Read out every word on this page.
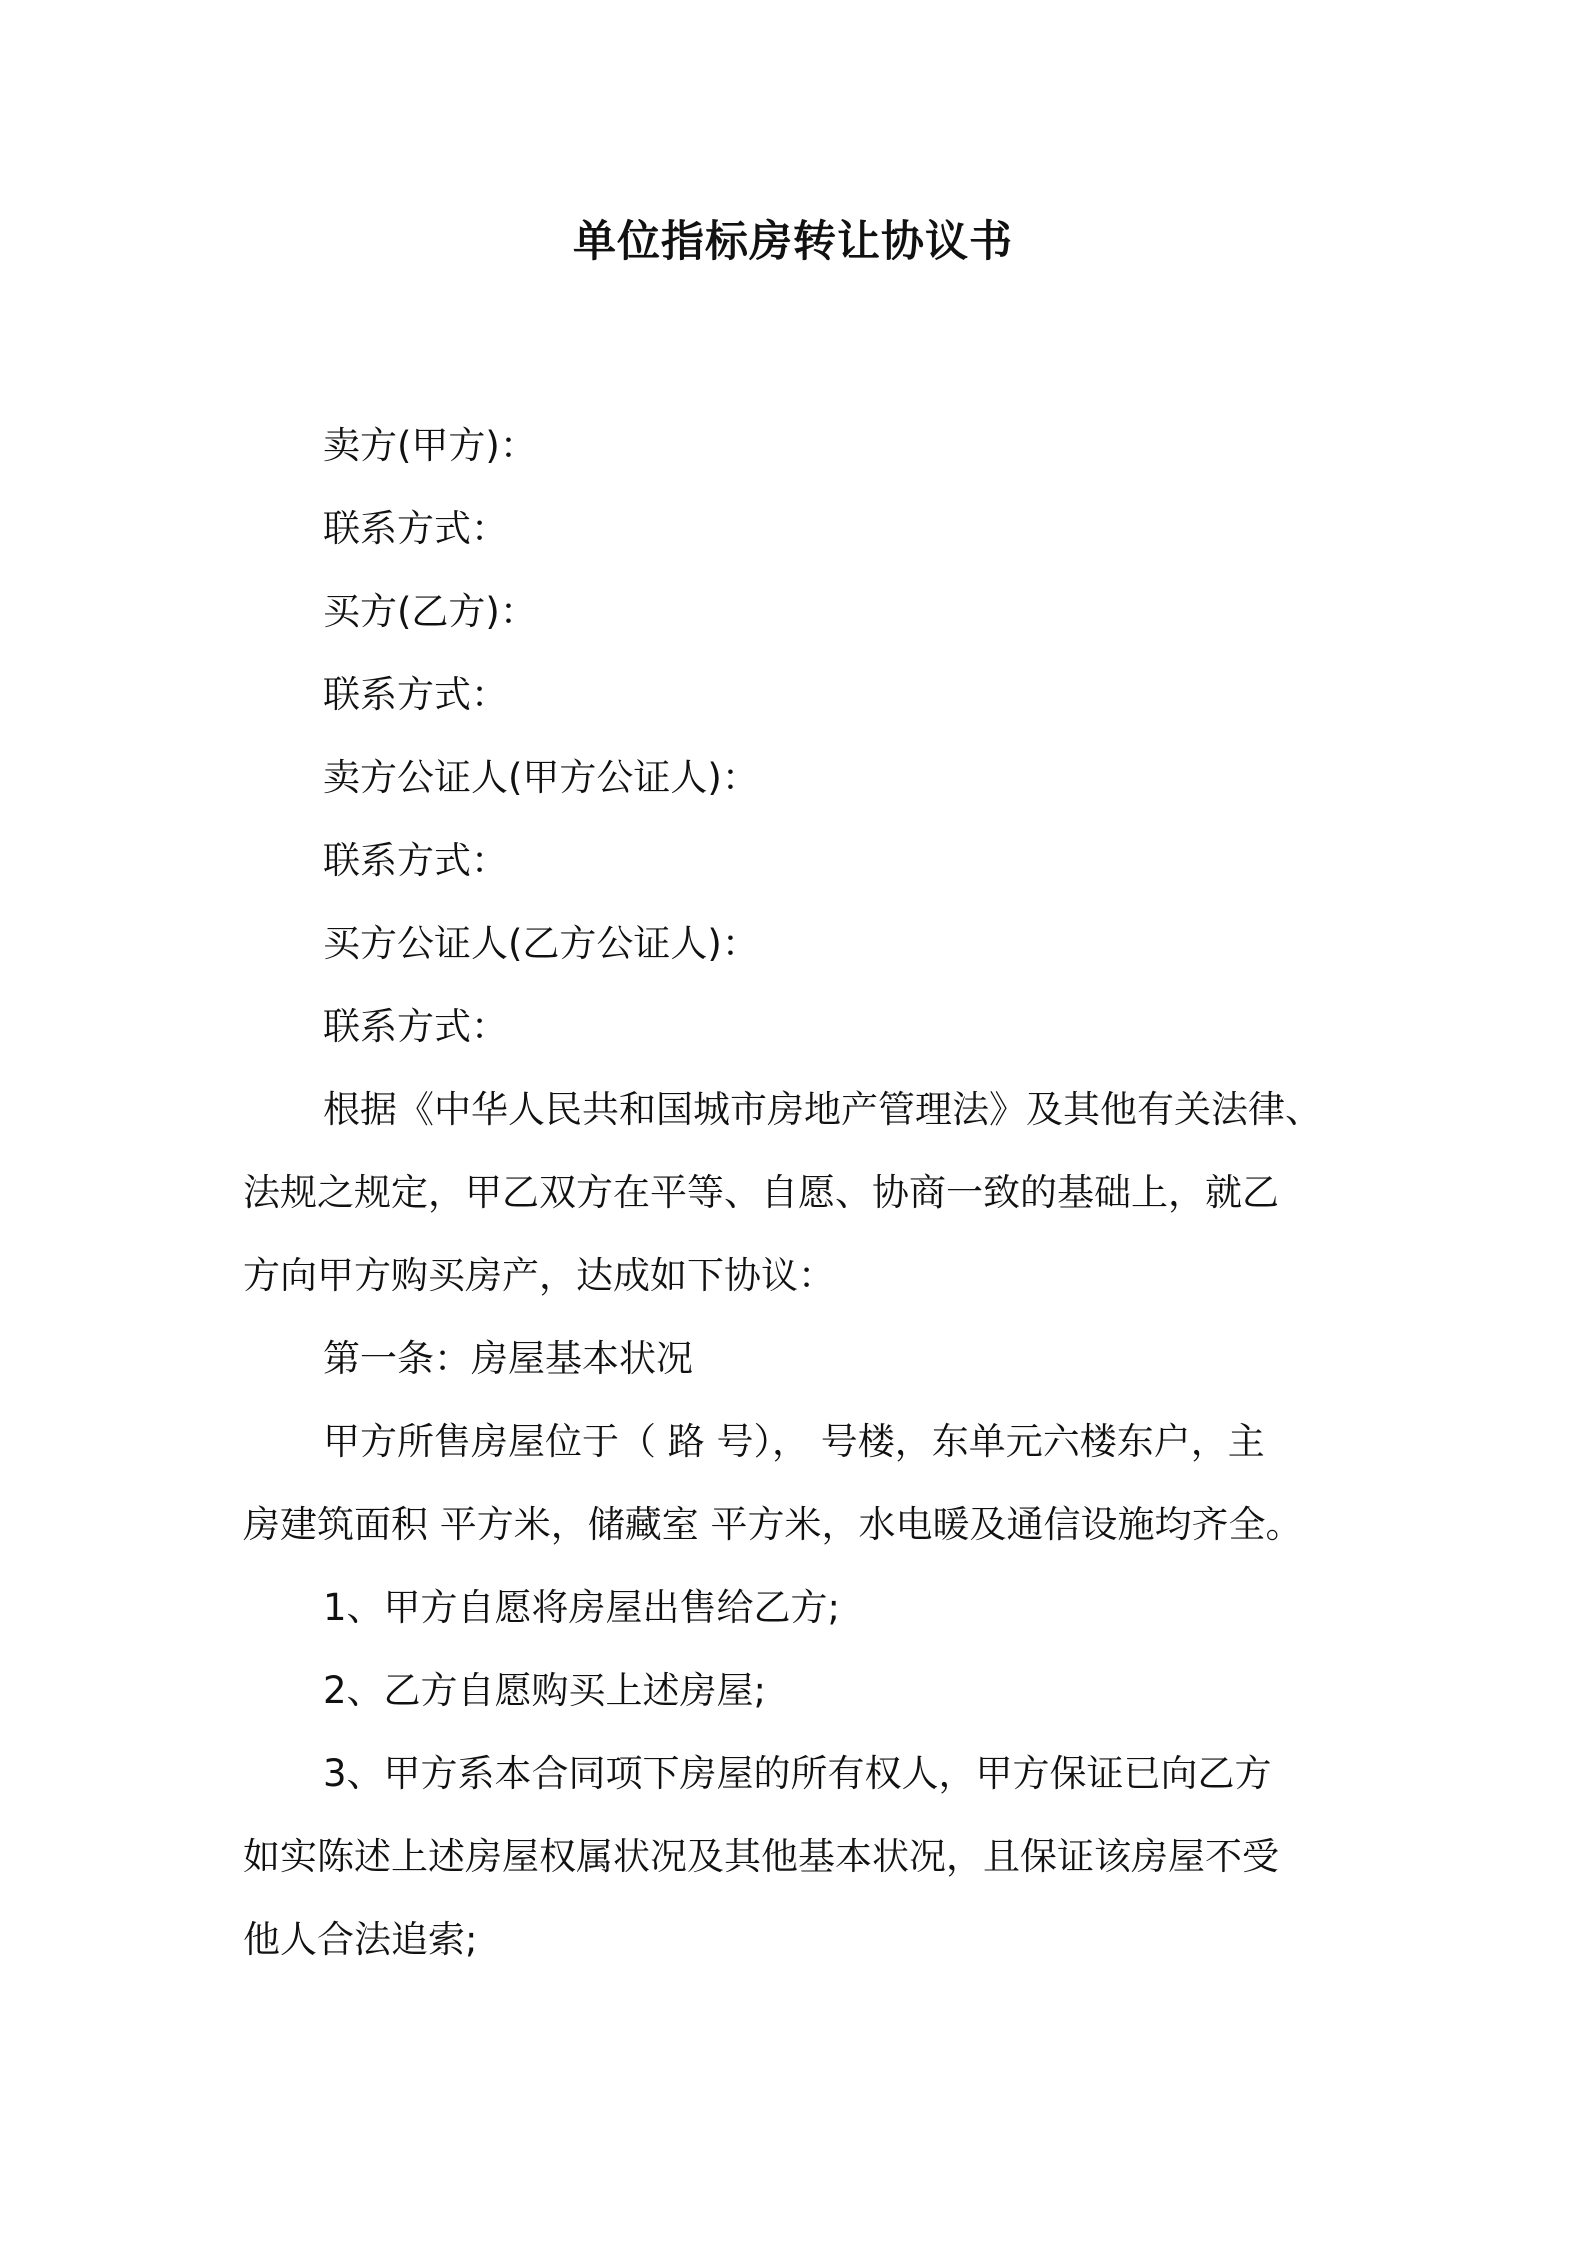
单位指标房转让协议书
卖方(甲方)：
联系方式：
买方(乙方)：
联系方式：
卖方公证人(甲方公证人)：
联系方式：
买方公证人(乙方公证人)：
联系方式：
根据《中华人民共和国城市房地产管理法》及其他有关法律、
法规之规定，甲乙双方在平等、自愿、协商一致的基础上，就乙
方向甲方购买房产，达成如下协议：
第一条：房屋基本状况
甲方所售房屋位于（ 路 号）， 号楼，东单元六楼东户，主
房建筑面积 平方米，储藏室 平方米，水电暖及通信设施均齐全。
1、甲方自愿将房屋出售给乙方;
2、乙方自愿购买上述房屋;
3、甲方系本合同项下房屋的所有权人，甲方保证已向乙方
如实陈述上述房屋权属状况及其他基本状况，且保证该房屋不受
他人合法追索;
